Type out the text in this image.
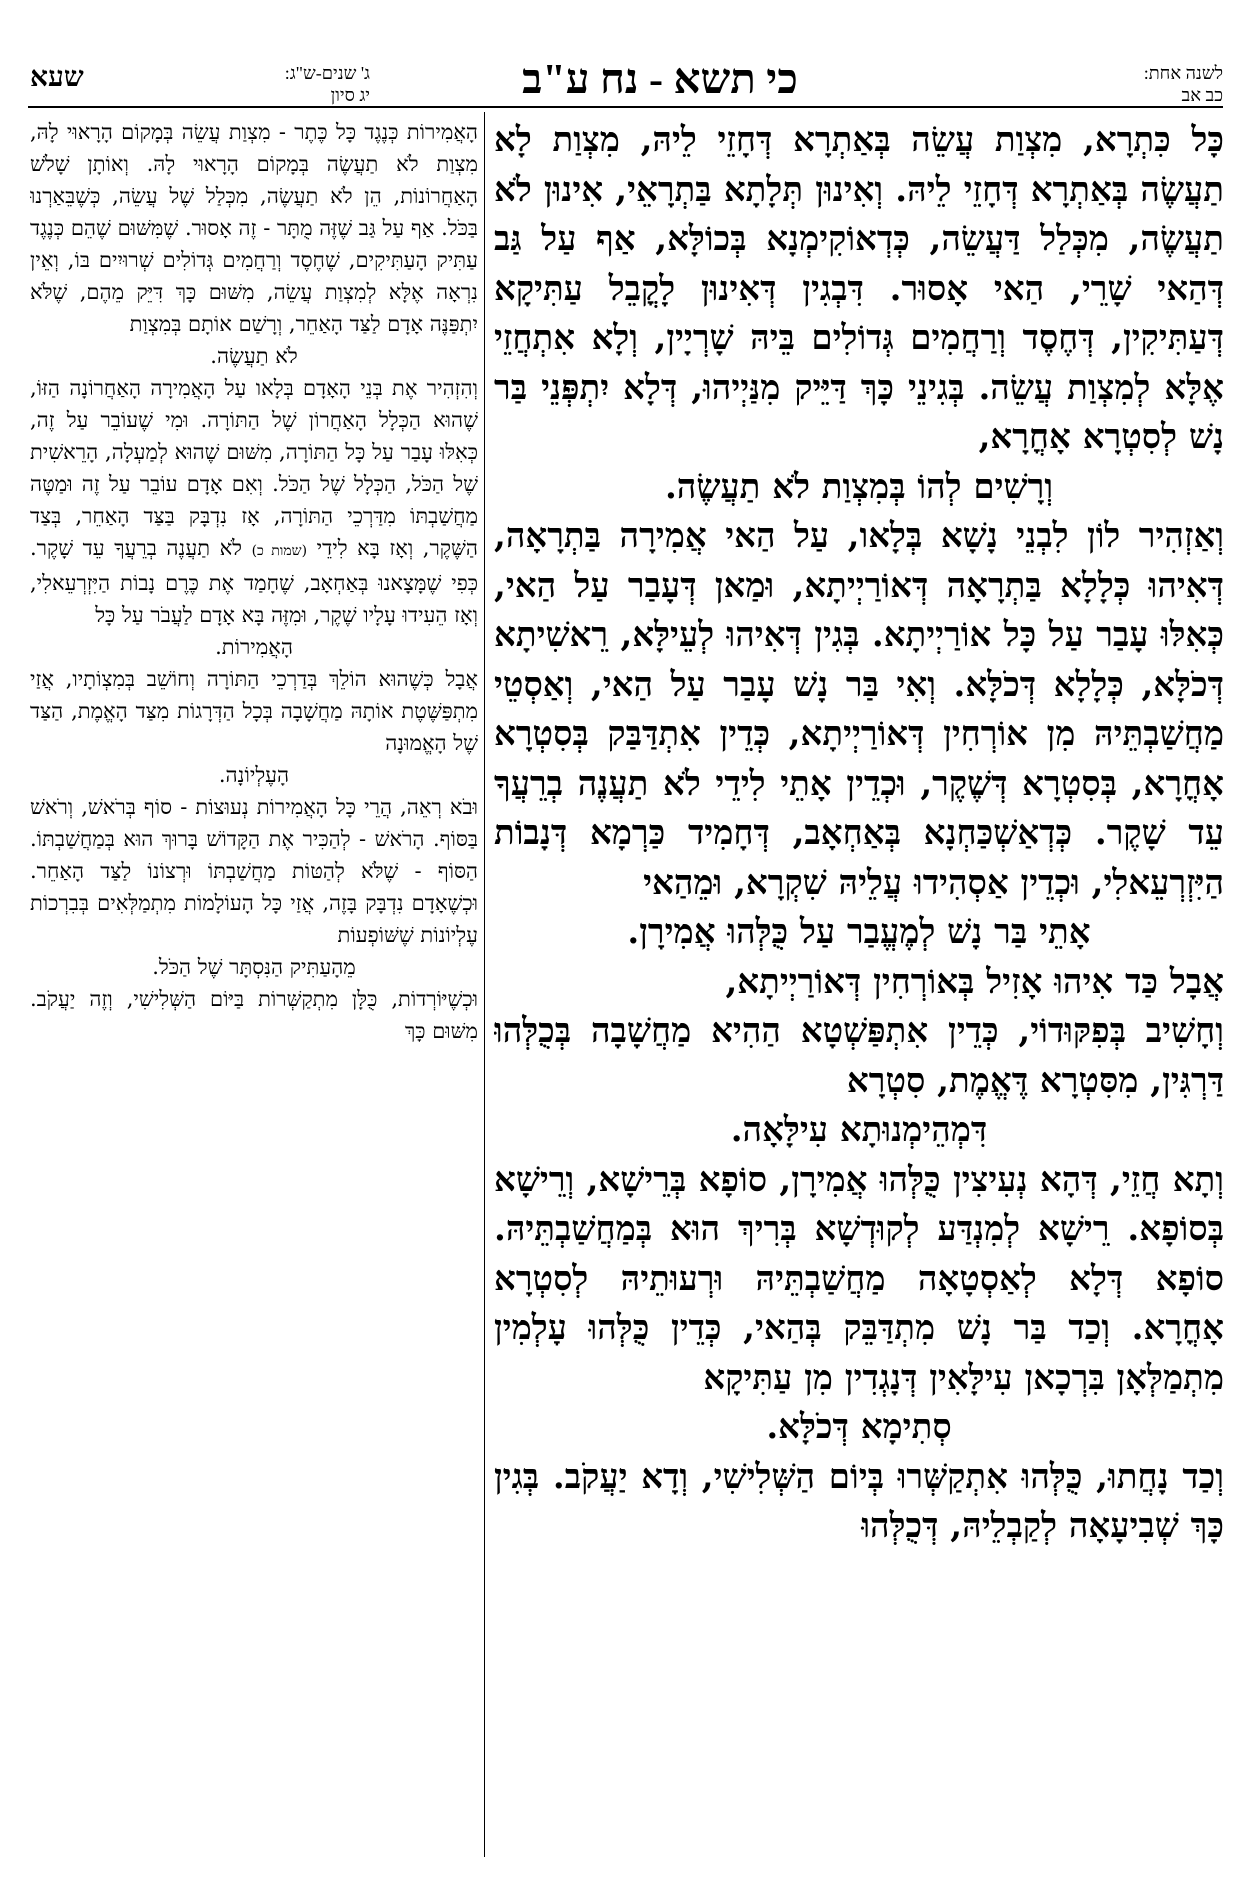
שעא	ג' שנים-ש"ג:
יג סיון	כי תשא - נח ע"ב	לשנה אחת:
כב אב

כָּל כִּתְרָא, מִצְוַת עֲשֵׂה בְּאַתְרָא דְּחָזֵי לֵיהּ, מִצְוַת לָא תַעֲשֶׂה בְּאַתְרָא דְּחָזֵי לֵיהּ. וְאִינוּן תְּלָתָא בַּתְרָאֵי, אִינוּן לֹא תַעֲשֶׂה, מִכְּלַל דַּעֲשֵׂה, כְּדְאוֹקִימְנָא בְּכוֹלָּא, אַף עַל גַּב דְּהַאי שָׁרֵי, הַאי אָסוּר. דִּבְגִין דְּאִינוּן לָקֳבֵל עַתִּיקָא דְּעַתִּיקִין, דְּחֶסֶד וְרַחֲמִים גְּדוֹלִים בֵּיהּ שָׁרְיָין, וְלָא אִתְחֲזֵי אֶלָּא לְמִצְוַת עֲשֵׂה. בְּגִינֵי כָּךְ דַּיֵּיק מִנַּיְיהוּ, דְּלָא יִתְפְּנֵי בַּר נָשׁ לְסִטְרָא אָחֳרָא,

וְרָשִׁים לְהוֹ בְּמִצְוַת לֹא תַעֲשֶׂה.

וְאַזְהִיר לוֹן לִבְנֵי נָשָׁא בְּלָאו, עַל הַאי אֲמִירָה בַּתְרָאָה, דְּאִיהוּ כְּלָלָא בַּתְרָאָה דְּאוֹרַיְיתָא, וּמַאן דְּעָבַר עַל הַאי, כְּאִלּוּ עָבַר עַל כָּל אוֹרַיְיתָא. בְּגִין דְּאִיהוּ לְעֵילָּא, רֵאשִׁיתָא דְּכֹלָּא, כְּלָלָא דְּכֹלָּא. וְאִי בַּר נָשׁ עָבַר עַל הַאי, וְאַסְטֵי מַחֲשַׁבְתֵּיהּ מִן אוֹרְחִין דְּאוֹרַיְיתָא, כְּדֵין אִתְדַּבַּק בְּסִטְרָא אָחֳרָא, בְּסִטְרָא דְּשֶׁקֶר, וּכְדֵין אָתֵי לִידֵי לֹא תַעֲנֶה בְרֵעֲךָ עֵד שָׁקֶר. כְּדְאַשְׁכַּחְנָא בְּאַחְאָב, דְּחָמִיד כַּרְמָא דְּנָבוֹת הַיִּזְרְעֵאלִי, וּכְדֵין אַסְהִידוּ עֲלֵיהּ שִׁקְרָא, וּמֵהַאי

אָתֵי בַּר נָשׁ לְמֶעֱבַר עַל כֻּלְּהוּ אֲמִירָן.

אֲבָל כַּד אִיהוּ אָזִיל בְּאוֹרְחִין דְּאוֹרַיְיתָא,

וְחָשִׁיב בְּפִקּוּדוֹי, כְּדֵין אִתְפַּשְׁטָא הַהִיא מַחֲשָׁבָה בְּכֻלְּהוּ דַּרְגִּין, מִסִּטְרָא דֶּאֱמֶת, סִטְרָא

דִּמְהֵימְנוּתָא עִילָּאָה.

וְתָא חֲזֵי, דְּהָא נְעִיצִין כֻּלְּהוּ אֲמִירָן, סוֹפָא בְּרֵישָׁא, וְרֵישָׁא בְּסוֹפָא. רֵישָׁא לְמִנְדַּע לְקוּדְשָׁא בְּרִיךְ הוּא בְּמַחֲשַׁבְתֵּיהּ. סוֹפָא דְּלָא לְאַסְטָאָה מַחֲשַׁבְתֵּיהּ וּרְעוּתֵיהּ לְסִטְרָא אָחֳרָא. וְכַד בַּר נָשׁ מִתְדַּבֵּק בְּהַאי, כְּדֵין כֻּלְּהוּ עָלְמִין מִתְמַלְּאָן בִּרְכָאן עִילָּאִין דְּנָגְדִין מִן עַתִּיקָא

סְתִימָא דְּכֹלָּא.

וְכַד נָחֲתוּ, כֻּלְּהוּ אִתְקַשְּׁרוּ בְּיוֹם הַשְּׁלִישִׁי, וְדָא יַעֲקֹב. בְּגִין כָּךְ שְׁבִיעָאָה לְקַבְלֵיהּ, דְּכֻלְּהוּ

הָאֲמִירוֹת כְּנֶגֶד כָּל כֶּתֶר - מִצְוַת עֲשֵׂה בְּמָקוֹם הָרָאוּי לָהּ, מִצְוַת לֹא תַעֲשֶׂה בְּמָקוֹם הָרָאוּי לָהּ. וְאוֹתָן שָׁלֹשׁ הָאַחֲרוֹנוֹת, הֵן לֹא תַעֲשֶׂה, מִכְּלַל שֶׁל עֲשֵׂה, כְּשֶׁבֵּאַרְנוּ בַּכֹּל. אַף עַל גַּב שֶׁזֶּה מֻתָּר - זֶה אָסוּר. שֶׁמִּשּׁוּם שֶׁהֵם כְּנֶגֶד עַתִּיק הָעַתִּיקִים, שֶׁחֶסֶד וְרַחֲמִים גְּדוֹלִים שְׁרוּיִים בּוֹ, וְאֵין נִרְאָה אֶלָּא לְמִצְוַת עֲשֵׂה, מִשּׁוּם כָּךְ דִּיֵּק מֵהֶם, שֶׁלֹּא יִתְפַּנֶּה אָדָם לַצַּד הָאַחֵר, וְרָשַׁם אוֹתָם בְּמִצְוַת

לֹא תַעֲשֶׂה.

וְהִזְהִיר אֶת בְּנֵי הָאָדָם בְּלָאו עַל הָאֲמִירָה הָאַחֲרוֹנָה הַזּוֹ, שֶׁהוּא הַכְּלָל הָאַחֲרוֹן שֶׁל הַתּוֹרָה. וּמִי שֶׁעוֹבֵר עַל זֶה, כְּאִלּוּ עָבַר עַל כָּל הַתּוֹרָה, מִשּׁוּם שֶׁהוּא לְמַעְלָה, הָרֵאשִׁית שֶׁל הַכֹּל, הַכְּלָל שֶׁל הַכֹּל. וְאִם אָדָם עוֹבֵר עַל זֶה וּמַטֶּה מַחֲשַׁבְתּוֹ מִדַּרְכֵי הַתּוֹרָה, אָז נִדְבָּק בַּצַּד הָאַחֵר, בְּצַד הַשֶּׁקֶר, וְאָז בָּא לִידֵי (שמות כ) לֹא תַעֲנֶה בְרֵעֲךָ עֵד שָׁקֶר. כְּפִי שֶׁמָּצָאנוּ בְּאַחְאָב, שֶׁחָמַד אֶת כֶּרֶם נָבוֹת הַיִּזְרְעֵאלִי, וְאָז הֵעִידוּ עָלָיו שֶׁקֶר, וּמִזֶּה בָּא אָדָם לַעֲבֹר עַל כָּל

הָאֲמִירוֹת.

אֲבָל כְּשֶׁהוּא הוֹלֵךְ בְּדַרְכֵי הַתּוֹרָה וְחוֹשֵׁב בְּמִצְוֹתָיו, אֲזַי מִתְפַּשֶּׁטֶת אוֹתָהּ מַחֲשָׁבָה בְּכָל הַדְּרָגוֹת מִצַּד הָאֱמֶת, הַצַּד שֶׁל הָאֱמוּנָה

הָעֶלְיוֹנָה.

וּבֹא רְאֵה, הֲרֵי כָּל הָאֲמִירוֹת נְעוּצוֹת - סוֹף בְּרֹאשׁ, וְרֹאשׁ בַּסּוֹף. הָרֹאשׁ - לְהַכִּיר אֶת הַקָּדוֹשׁ בָּרוּךְ הוּא בְּמַחֲשַׁבְתּוֹ. הַסּוֹף - שֶׁלֹּא לְהַטּוֹת מַחֲשַׁבְתּוֹ וּרְצוֹנוֹ לַצַּד הָאַחֵר. וּכְשֶׁאָדָם נִדְבָּק בָּזֶה, אֲזַי כָּל הָעוֹלָמוֹת מִתְמַלְּאִים בְּבִרְכוֹת עֶלְיוֹנוֹת שֶׁשּׁוֹפְעוֹת

מֵהָעַתִּיק הַנִּסְתָּר שֶׁל הַכֹּל.

וּכְשֶׁיּוֹרְדוֹת, כֻּלָּן מִתְקַשְּׁרוֹת בַּיּוֹם הַשְּׁלִישִׁי, וְזֶה יַעֲקֹב. מִשּׁוּם כָּךְ
